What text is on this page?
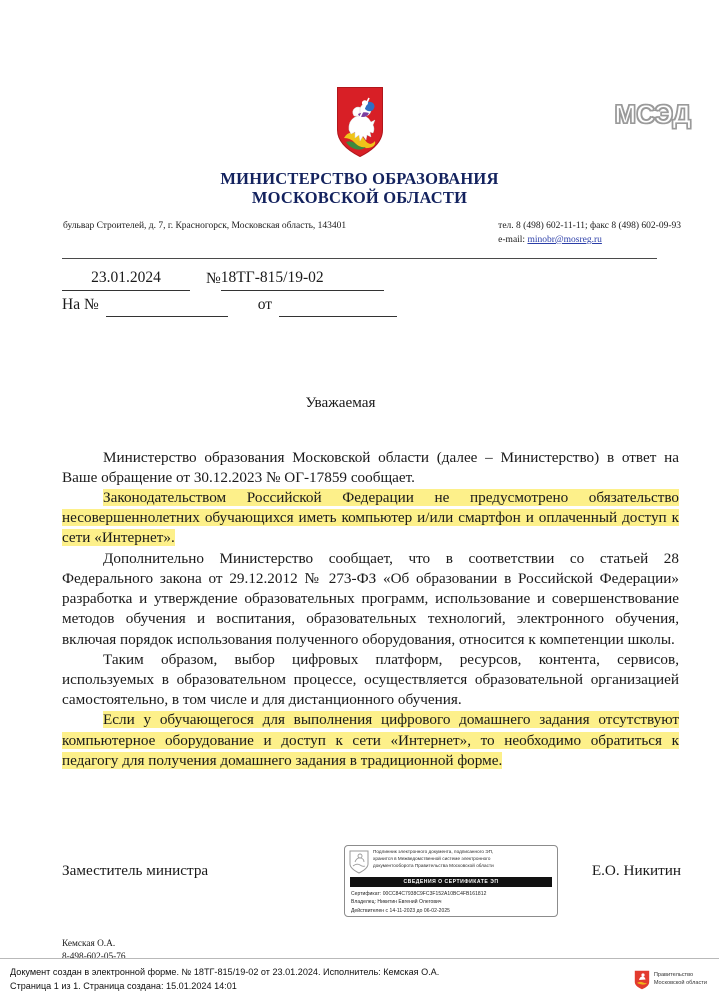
МСЭД
МИНИСТЕРСТВО ОБРАЗОВАНИЯ
МОСКОВСКОЙ ОБЛАСТИ
бульвар Строителей, д. 7, г. Красногорск, Московская область, 143401	тел. 8 (498) 602-11-11; факс 8 (498) 602-09-93
e-mail: minobr@mosreg.ru
23.01.2024	№ 18ТГ-815/19-02
На №	от
Уважаемая

Министерство образования Московской области (далее – Министерство) в ответ на Ваше обращение от 30.12.2023 № ОГ-17859 сообщает.

Законодательством Российской Федерации не предусмотрено обязательство несовершеннолетних обучающихся иметь компьютер и/или смартфон и оплаченный доступ к сети «Интернет».

Дополнительно Министерство сообщает, что в соответствии со статьей 28 Федерального закона от 29.12.2012 № 273-ФЗ «Об образовании в Российской Федерации» разработка и утверждение образовательных программ, использование и совершенствование методов обучения и воспитания, образовательных технологий, электронного обучения, включая порядок использования полученного оборудования, относится к компетенции школы.

Таким образом, выбор цифровых платформ, ресурсов, контента, сервисов, используемых в образовательном процессе, осуществляется образовательной организацией самостоятельно, в том числе и для дистанционного обучения.

Если у обучающегося для выполнения цифрового домашнего задания отсутствуют компьютерное оборудование и доступ к сети «Интернет», то необходимо обратиться к педагогу для получения домашнего задания в традиционной форме.

Заместитель министра	Е.О. Никитин
Подлинник электронного документа, подписанного ЭП,
хранится в Межведомственной системе электронного
документооборота Правительства Московской области
СВЕДЕНИЯ О СЕРТИФИКАТЕ ЭП
Сертификат: 00CC84C7938C9FC3F152A10BC4FB161812
Владелец: Никитин Евгений Олегович
Действителен с 14-11-2023 до 06-02-2025
Кемская О.А.
Документ создан в электронной форме. № 18ТГ-815/19-02 от 23.01.2024. Исполнитель: Кемская О.А.
Страница 1 из 1. Страница создана: 15.01.2024 14:01
Правительство
Московской области
